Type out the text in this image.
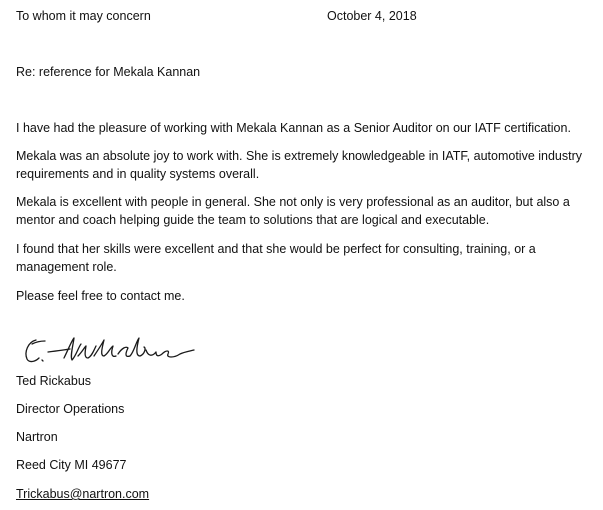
To whom it may concern	October 4, 2018
Re: reference for Mekala Kannan
I have had the pleasure of working with Mekala Kannan as a Senior Auditor on our IATF certification.
Mekala was an absolute joy to work with. She is extremely knowledgeable in IATF, automotive industry requirements and in quality systems overall.
Mekala is excellent with people in general. She not only is very professional as an auditor, but also a mentor and coach helping guide the team to solutions that are logical and executable.
I found that her skills were excellent and that she would be perfect for consulting, training, or a management role.
Please feel free to contact me.
Ted Rickabus
Director Operations
Nartron
Reed City MI 49677
Trickabus@nartron.com
